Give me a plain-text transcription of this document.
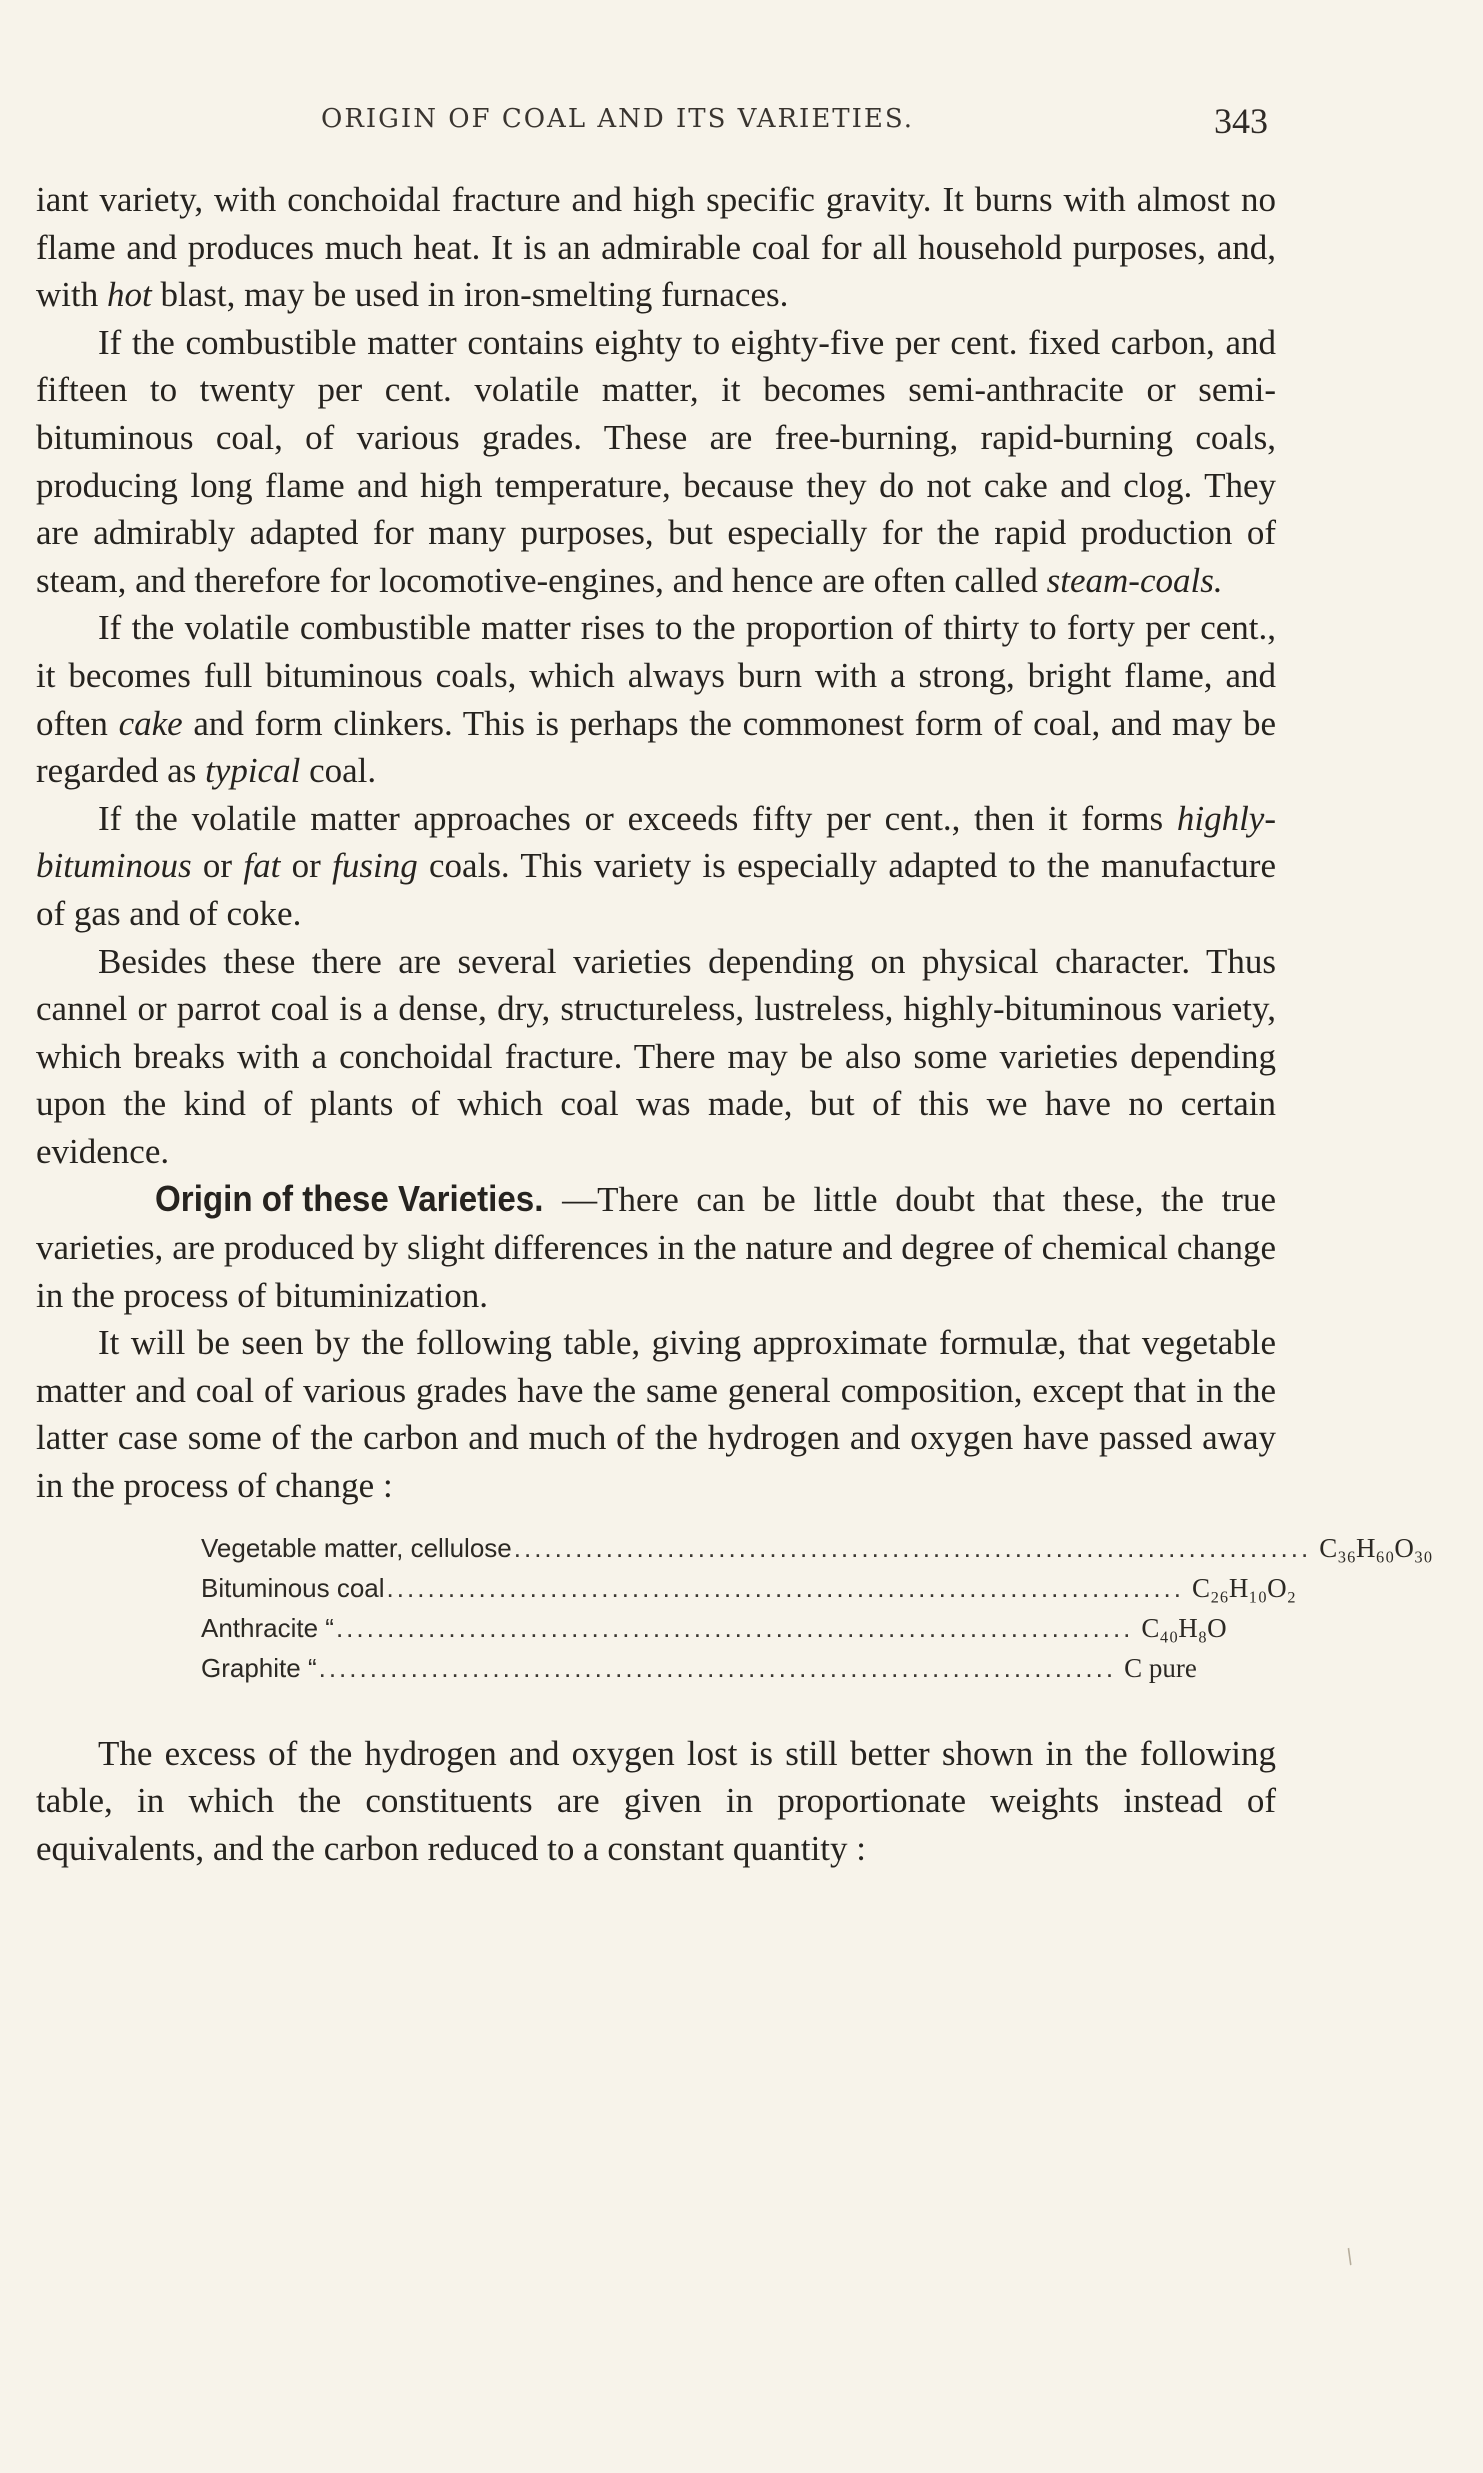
ORIGIN OF COAL AND ITS VARIETIES.	343

iant variety, with conchoidal fracture and high specific gravity. It burns with almost no flame and produces much heat. It is an admirable coal for all household purposes, and, with hot blast, may be used in iron-smelting furnaces.

If the combustible matter contains eighty to eighty-five per cent. fixed carbon, and fifteen to twenty per cent. volatile matter, it becomes semi-anthracite or semi-bituminous coal, of various grades. These are free-burning, rapid-burning coals, producing long flame and high temperature, because they do not cake and clog. They are admirably adapted for many purposes, but especially for the rapid production of steam, and therefore for locomotive-engines, and hence are often called steam-coals.

If the volatile combustible matter rises to the proportion of thirty to forty per cent., it becomes full bituminous coals, which always burn with a strong, bright flame, and often cake and form clinkers. This is perhaps the commonest form of coal, and may be regarded as typical coal.

If the volatile matter approaches or exceeds fifty per cent., then it forms highly-bituminous or fat or fusing coals. This variety is especially adapted to the manufacture of gas and of coke.

Besides these there are several varieties depending on physical character. Thus cannel or parrot coal is a dense, dry, structureless, lustreless, highly-bituminous variety, which breaks with a conchoidal fracture. There may be also some varieties depending upon the kind of plants of which coal was made, but of this we have no certain evidence.

Origin of these Varieties. —There can be little doubt that these, the true varieties, are produced by slight differences in the nature and degree of chemical change in the process of bituminization.

It will be seen by the following table, giving approximate formulæ, that vegetable matter and coal of various grades have the same general composition, except that in the latter case some of the carbon and much of the hydrogen and oxygen have passed away in the process of change :

Vegetable matter, cellulose .............................................................................. C₃₆H₆₀O₃₀
Bituminous coal .............................................................................. C₂₆H₁₀O₂
Anthracite “ .............................................................................. C₄₀H₈O
Graphite “ .............................................................................. C pure

The excess of the hydrogen and oxygen lost is still better shown in the following table, in which the constituents are given in proportionate weights instead of equivalents, and the carbon reduced to a constant quantity :

/
